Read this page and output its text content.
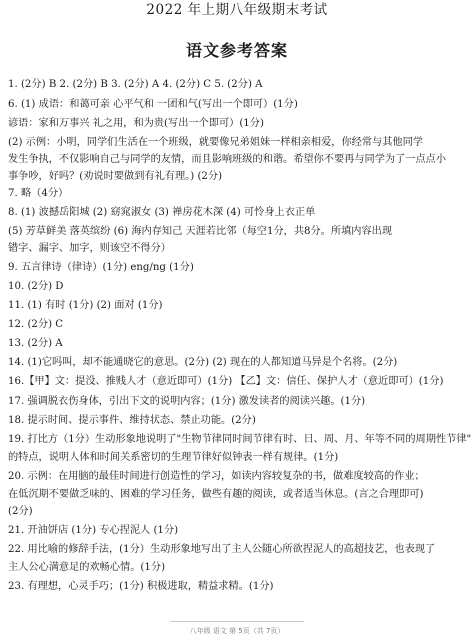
2022 年上期八年级期末考试
语文参考答案
1. (2分) B 2. (2分) B 3. (2分) A 4. (2分) C 5. (2分) A
6. (1) 成语：和蔼可亲 心平气和 一团和气(写出一个即可）(1分)
谚语：家和万事兴 礼之用，和为贵(写出一个即可）(1分)
(2) 示例：小明，同学们生活在一个班级，就要像兄弟姐妹一样相亲相爱，你经常与其他同学
发生争执，不仅影响自己与同学的友情，而且影响班级的和谐。希望你不要再与同学为了一点点小
事争吵，好吗？(劝说时要做到有礼有理。) (2分)
7. 略（4分）
8. (1) 波撼岳阳城 (2) 窈窕淑女 (3) 禅房花木深 (4) 可怜身上衣正单
(5) 芳草鲜美 落英缤纷 (6) 海内存知己 天涯若比邻（每空1分，共8分。所填内容出现
错字、漏字、加字，则该空不得分）
9. 五言律诗（律诗）(1分) eng/ng (1分)
10. (2分) D
11. (1) 有时 (1分) (2) 面对 (1分)
12. (2分) C
13. (2分) A
14. (1)它吗叫，却不能通晓它的意思。(2分) (2) 现在的人都知道马异是个名将。(2分)
16.【甲】文：提没、推贱人才（意近即可）(1分) 【乙】文：信任、保护人才（意近即可）(1分)
17. 强调脱衣伤身体，引出下文的说明内容；(1分) 激发读者的阅读兴趣。(1分)
18. 提示时间、提示事件、维持状态、禁止功能。(2分)
19. 打比方（1分）生动形象地说明了"生物节律同时间节律有时、日、周、月、年等不同的周期性节律"
的特点，说明人体和时间关系密切的生理节律好似钟表一样有规律。(1分)
20. 示例：在用脑的最佳时间进行创造性的学习，如读内容较复杂的书，做难度较高的作业；
在低沉期不要做乏味的、困难的学习任务，做些有趣的阅读，或者适当休息。(言之合理即可)
(2分)
21. 开油饼店 (1分) 专心捏泥人 (1分)
22. 用比喻的修辞手法，(1分）生动形象地写出了主人公随心所欲捏泥人的高超技艺，也表现了
主人公心满意足的欢畅心情。(1分)
23. 有理想，心灵手巧；(1分) 积极进取，精益求精。(1分)
八年级 语文 第 5页（共 7页）
